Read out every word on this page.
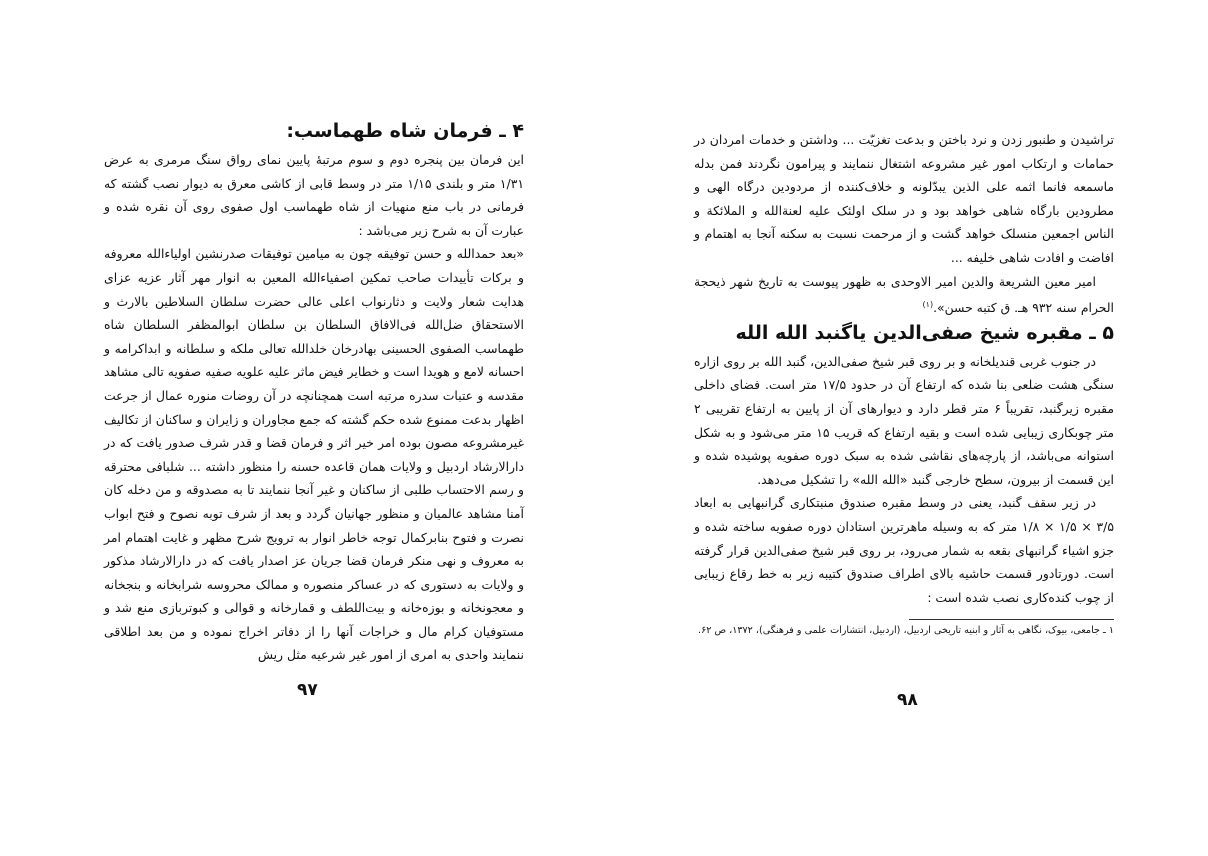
۴ ـ فرمان شاه طهماسب:

این فرمان بین پنجره دوم و سوم مرتبهٔ پایین نمای رواق سنگ مرمری به عرض ۱/۳۱ متر و بلندی ۱/۱۵ متر در وسط قابی از کاشی معرق به دیوار نصب گشته که فرمانی در باب منع منهیات از شاه طهماسب اول صفوی روی آن نقره شده و عبارت آن به شرح زیر می‌باشد :

«بعد حمدالله و حسن توفیقه چون به میامین توفیقات صدرنشین اولیاءالله معروفه و برکات تأییدات صاحب تمکین اصفیاءالله المعین به انوار مهر آثار عزیه عزای هدایت شعار ولایت و دثارنواب اعلی عالی حضرت سلطان السلاطین بالارث و الاستحقاق ضل‌الله فی‌الافاق السلطان بن سلطان ابوالمظفر السلطان شاه طهماسب الصفوی الحسینی بهادرخان خلدالله تعالی ملکه و سلطانه و ابدا‌کرامه و احسانه لامع و هویدا است و خطایر فیض ماثر علیه علویه صفیه صفویه تالی مشاهد مقدسه و عتبات سدره مرتبه است همچنانچه در آن روضات منوره عمال از جرعت اظهار بدعت ممنوع شده حکم گشته که جمع مجاوران و زایران و ساکنان از تکالیف غیرمشروعه مصون بوده امر خیر اثر و فرمان قضا و قدر شرف صدور یافت که در دارالارشاد اردبیل و ولایات همان قاعده حسنه را منظور داشته ... شلبافی محترقه و رسم الاحتساب طلبی از ساکنان و غیر آنجا ننمایند تا به مصدوقه و من دخله کان آمنا مشاهد عالمیان و منظور جهانیان گردد و بعد از شرف توبه نصوح و فتح ابواب نصرت و فتوح بنابرکمال توجه خاطر انوار به ترویج شرح مظهر و غایت اهتمام امر به معروف و نهی منکر فرمان قضا جریان عز اصدار یافت که در دارالارشاد مذکور و ولایات به دستوری که در عساکر منصوره و ممالک محروسه شرابخانه و بنجخانه و معجونخانه و بوزه‌خانه و بیت‌اللطف و قمارخانه و قوالی و کبوتربازی منع شد و مستوفیان کرام مال و خراجات آنها را از دفاتر اخراج نموده و من بعد اطلاقی ننمایند واحدی به امری از امور غیر شرعیه مثل ریش

۹۷

تراشیدن و طنبور زدن و نرد باختن و بدعت تغزیّت ... وداشتن و خدمات امردان در حمامات و ارتکاب امور غیر مشروعه اشتغال ننمایند و پیرامون نگردند فمن بدله ماسمعه فانما اثمه علی الذین یبدّلونه و خلاف‌کننده از مردودین درگاه الهی و مطرودین بارگاه شاهی خواهد بود و در سلک اولئک علیه لعنةالله و الملائکة و الناس اجمعین منسلک خواهد گشت و از مرحمت نسبت به سکنه آنجا به اهتمام و افاضت و افادت شاهی خلیفه ...

امیر معین الشریعة والدین امیر الاوحدی به ظهور پیوست به تاریخ شهر ذیحجة الحرام سنه ۹۳۲ هـ. ق کتبه حسن».$^{(۱)}$

۵ ـ مقبره شیخ صفی‌الدین یاگنبد الله الله

در جنوب غربی قندیلخانه و بر روی قبر شیخ صفی‌الدین، گنبد الله بر روی ازاره سنگی هشت ضلعی بنا شده که ارتفاع آن در حدود ۱۷/۵ متر است. فضای داخلی مقبره زیرگنبد، تقریباً ۶ متر قطر دارد و دیوارهای آن از پایین به ارتفاع تقریبی ۲ متر چوبکاری زیبایی شده است و بقیه ارتفاع که قریب ۱۵ متر می‌شود و به شکل استوانه می‌باشد، از پارچه‌های نقاشی شده به سبک دوره صفویه پوشیده شده و این قسمت از بیرون، سطح خارجی گنبد «الله الله» را تشکیل می‌دهد.

در زیر سقف گنبد، یعنی در وسط مقبره صندوق منبتکاری گرانبهایی به ابعاد ۳/۵ × ۱/۵ × ۱/۸ متر که به وسیله ماهرترین استادان دوره صفویه ساخته شده و جزو اشیاء گرانبهای بقعه به شمار می‌رود، بر روی قبر شیخ صفی‌الدین قرار گرفته است. دورتادور قسمت حاشیه بالای اطراف صندوق کتیبه زیر به خط رقاع زیبایی از چوب کنده‌کاری نصب شده است :

۱ ـ جامعی، بیوک، نگاهی به آثار و ابنیه تاریخی اردبیل، (اردبیل، انتشارات علمی و فرهنگی)، ۱۳۷۲، ص ۶۲.

۹۸
